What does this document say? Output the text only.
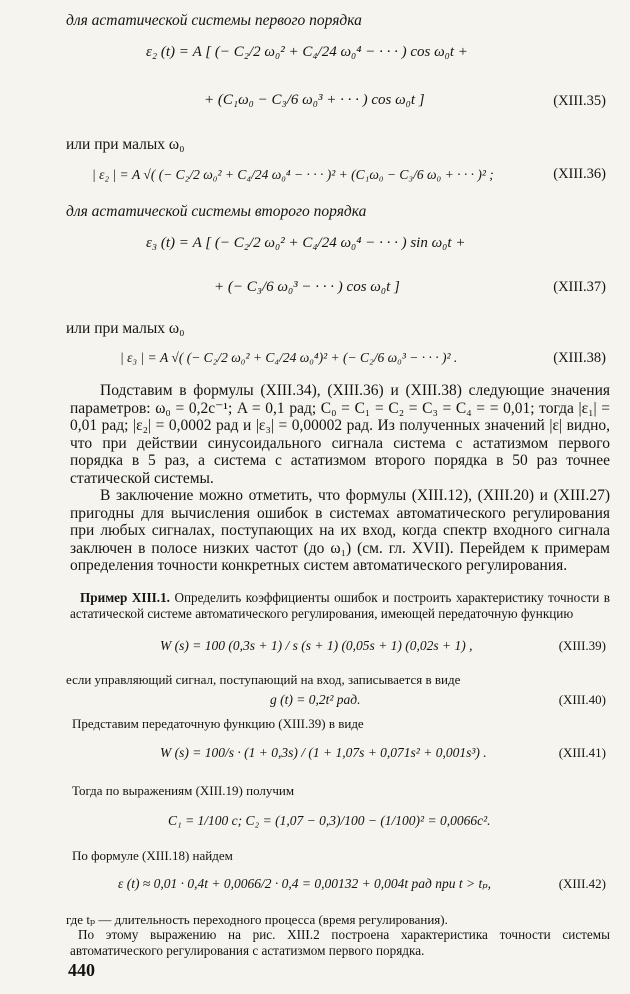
для астатической системы первого порядка
ε₂ (t) = A [ (− C₂/2 ω₀² + C₄/24 ω₀⁴ − · · · ) cos ω₀t +
+ (C₁ω₀ − C₃/6 ω₀³ + · · · ) cos ω₀t ]	(XIII.35)
или при малых ω₀
| ε₂ | = A √( (− C₂/2 ω₀² + C₄/24 ω₀⁴ − · · · )² + (C₁ω₀ − C₃/6 ω₀ + · · · )² ;	(XIII.36)
для астатической системы второго порядка
ε₃ (t) = A [ (− C₂/2 ω₀² + C₄/24 ω₀⁴ − · · · ) sin ω₀t +
+ (− C₃/6 ω₀³ − · · · ) cos ω₀t ]	(XIII.37)
или при малых ω₀
| ε₃ | = A √( (− C₂/2 ω₀² + C₄/24 ω₀⁴)² + (− C₂/6 ω₀³ − · · · )² .	(XIII.38)
Подставим в формулы (XIII.34), (XIII.36) и (XIII.38) следующие значения параметров: ω₀ = 0,2с⁻¹; A = 0,1 рад; C₀ = C₁ = C₂ = C₃ = C₄ = = 0,01; тогда |ε₁| = 0,01 рад; |ε₂| = 0,0002 рад и |ε₃| = 0,00002 рад. Из полученных значений |ε| видно, что при действии синусоидального сигнала система с астатизмом первого порядка в 5 раз, а система с астатизмом второго порядка в 50 раз точнее статической системы.
В заключение можно отметить, что формулы (XIII.12), (XIII.20) и (XIII.27) пригодны для вычисления ошибок в системах автоматического регулирования при любых сигналах, поступающих на их вход, когда спектр входного сигнала заключен в полосе низких частот (до ω₁) (см. гл. XVII). Перейдем к примерам определения точности конкретных систем автоматического регулирования.
Пример XIII.1. Определить коэффициенты ошибок и построить характеристику точности в астатической системе автоматического регулирования, имеющей передаточную функцию
W (s) = 100 (0,3s + 1) / s (s + 1) (0,05s + 1) (0,02s + 1) ,	(XIII.39)
если управляющий сигнал, поступающий на вход, записывается в виде
g (t) = 0,2t² рад.	(XIII.40)
Представим передаточную функцию (XIII.39) в виде
W (s) = 100/s · (1 + 0,3s) / (1 + 1,07s + 0,071s² + 0,001s³) .	(XIII.41)
Тогда по выражениям (XIII.19) получим
C₁ = 1/100 с; C₂ = (1,07 − 0,3)/100 − (1/100)² = 0,0066с².
По формуле (XIII.18) найдем
ε (t) ≈ 0,01 · 0,4t + 0,0066/2 · 0,4 = 0,00132 + 0,004t рад при t > tₚ,	(XIII.42)
где tₚ — длительность переходного процесса (время регулирования).
По этому выражению на рис. XIII.2 построена характеристика точности системы автоматического регулирования с астатизмом первого порядка.
440
